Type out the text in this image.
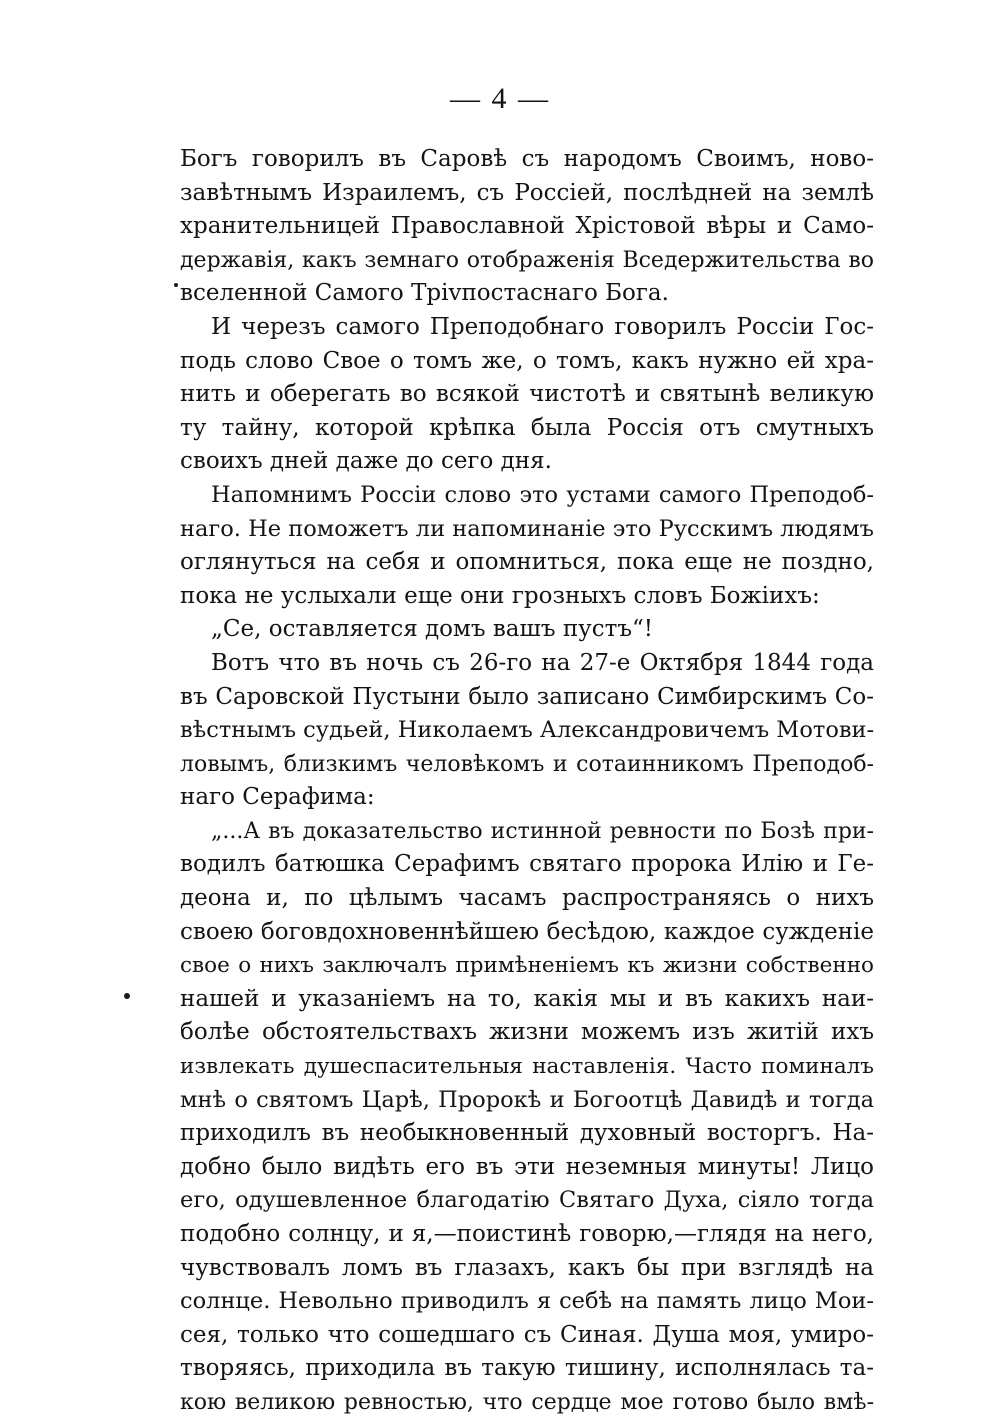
— 4 —
Богъ говорилъ въ Саровѣ съ народомъ Своимъ, ново-
завѣтнымъ Израилемъ, съ Россіей, послѣдней на землѣ
хранительницей Православной Хрістовой вѣры и Само-
державія, какъ земнаго отображенія Вседержительства во
вселенной Самого Тріvпостаснаго Бога.
И черезъ самого Преподобнаго говорилъ Россіи Гос-
подь слово Свое о томъ же, о томъ, какъ нужно ей хра-
нить и оберегать во всякой чистотѣ и святынѣ великую
ту тайну, которой крѣпка была Россія отъ смутныхъ
своихъ дней даже до сего дня.
Напомнимъ Россіи слово это устами самого Преподоб-
наго. Не поможетъ ли напоминаніе это Русскимъ людямъ
оглянуться на себя и опомниться, пока еще не поздно,
пока не услыхали еще они грозныхъ словъ Божіихъ:
„Се, оставляется домъ вашъ пустъ“!
Вотъ что въ ночь съ 26-го на 27-е Октября 1844 года
въ Саровской Пустыни было записано Симбирскимъ Со-
вѣстнымъ судьей, Николаемъ Александровичемъ Мотови-
ловымъ, близкимъ человѣкомъ и сотаинникомъ Преподоб-
наго Серафима:
„...А въ доказательство истинной ревности по Бозѣ при-
водилъ батюшка Серафимъ святаго пророка Илію и Ге-
деона и, по цѣлымъ часамъ распространяясь о нихъ
своею боговдохновеннѣйшею бесѣдою, каждое сужденіе
свое о нихъ заключалъ примѣненіемъ къ жизни собственно
нашей и указаніемъ на то, какія мы и въ какихъ наи-
болѣе обстоятельствахъ жизни можемъ изъ житій ихъ
извлекать душеспасительныя наставленія. Часто поминалъ
мнѣ о святомъ Царѣ, Пророкѣ и Богоотцѣ Давидѣ и тогда
приходилъ въ необыкновенный духовный восторгъ. На-
добно было видѣть его въ эти неземныя минуты! Лицо
его, одушевленное благодатію Святаго Духа, сіяло тогда
подобно солнцу, и я,—поистинѣ говорю,—глядя на него,
чувствовалъ ломъ въ глазахъ, какъ бы при взглядѣ на
солнце. Невольно приводилъ я себѣ на память лицо Мои-
сея, только что сошедшаго съ Синая. Душа моя, умиро-
творяясь, приходила въ такую тишину, исполнялась та-
кою великою ревностью, что сердце мое готово было вмѣ-
